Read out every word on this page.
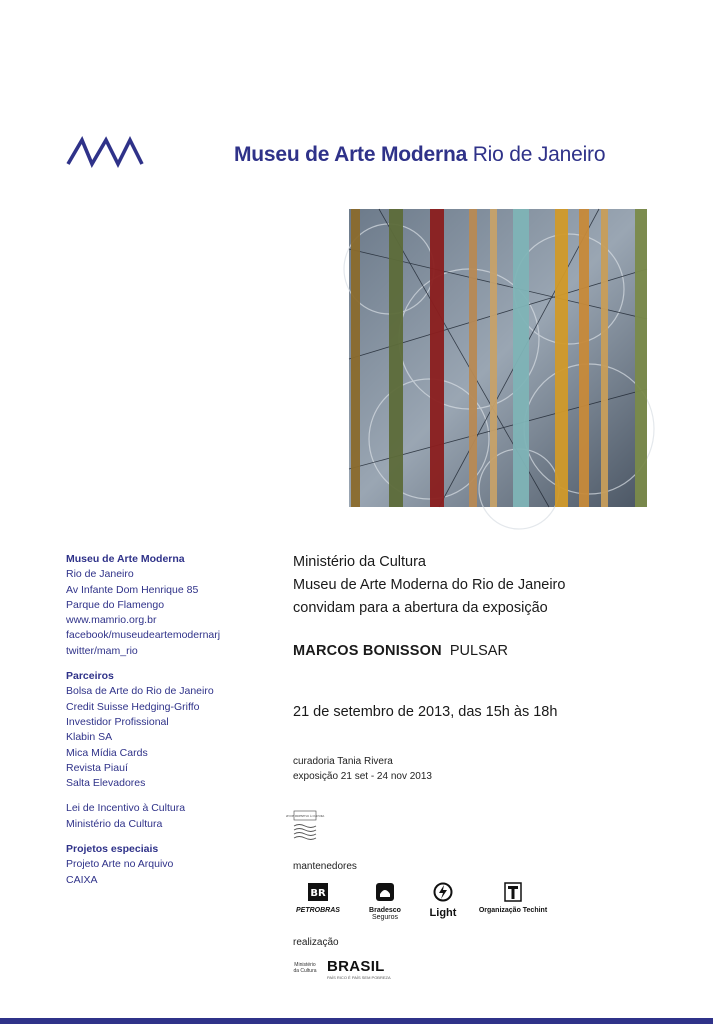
Museu de Arte Moderna Rio de Janeiro
Museu de Arte Moderna
Rio de Janeiro
Av Infante Dom Henrique 85
Parque do Flamengo
www.mamrio.org.br
facebook/museudeartemodernarj
twitter/mam_rio
Parceiros
Bolsa de Arte do Rio de Janeiro
Credit Suisse Hedging-Griffo
Investidor Profissional
Klabin SA
Mica Mídia Cards
Revista Piauí
Salta Elevadores
Lei de Incentivo à Cultura
Ministério da Cultura
Projetos especiais
Projeto Arte no Arquivo
CAIXA
Ministério da Cultura
Museu de Arte Moderna do Rio de Janeiro
convidam para a abertura da exposição
MARCOS BONISSON PULSAR
21 de setembro de 2013, das 15h às 18h
curadoria Tania Rivera
exposição 21 set - 24 nov 2013
LEI DE INCENTIVO À CULTURA
mantenedores
BR
PETROBRAS	Bradesco
Seguros	Light	Organização Techint
realização
Ministério da Cultura BRASIL
PAÍS RICO É PAÍS SEM POBREZA
